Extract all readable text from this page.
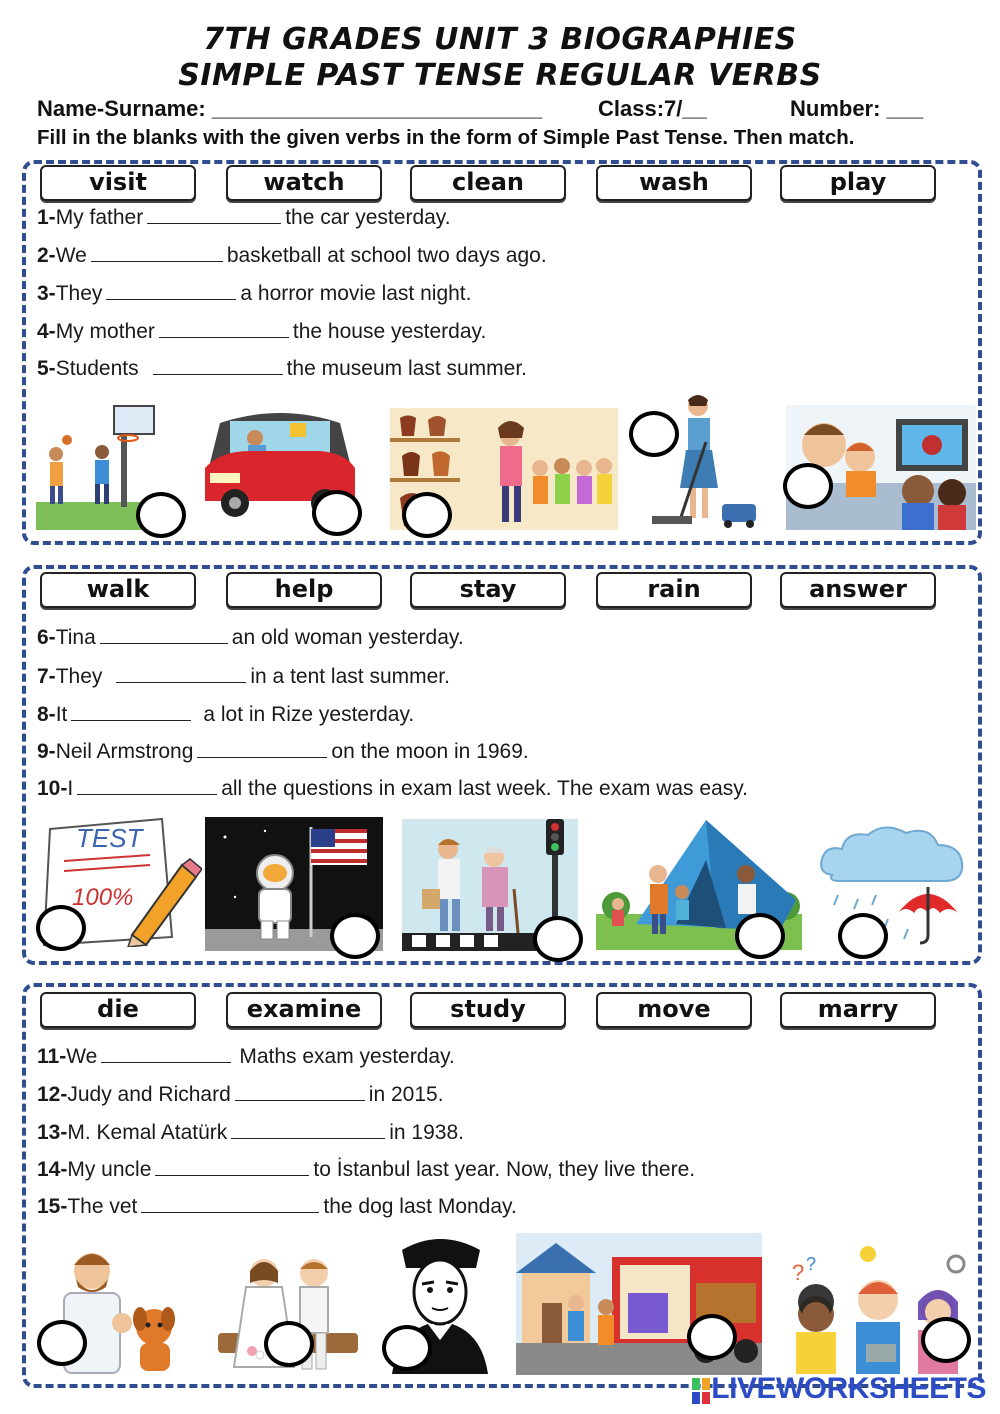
7TH GRADES UNIT 3 BIOGRAPHIES
SIMPLE PAST TENSE REGULAR VERBS
Name-Surname: ___________________________	Class:7/__	Number: ___
Fill in the blanks with the given verbs in the form of Simple Past Tense. Then match.
visit	watch	clean	wash	play
1-My father	the car yesterday.
2-We	basketball at school two days ago.
3-They	a horror movie last night.
4-My mother	the house yesterday.
5-Students	the museum last summer.
walk	help	stay	rain	answer
6-Tina	an old woman yesterday.
7-They	in a tent last summer.
8-It	a lot in Rize yesterday.
9-Neil Armstrong	on the moon in 1969.
10-I	all the questions in exam last week. The exam was easy.
TEST
100%
die	examine	study	move	marry
11-We	Maths exam yesterday.
12-Judy and Richard	in 2015.
13-M. Kemal Atatürk	in 1938.
14-My uncle	to İstanbul last year. Now, they live there.
15-The vet	the dog last Monday.
? ?
LIVEWORKSHEETS
